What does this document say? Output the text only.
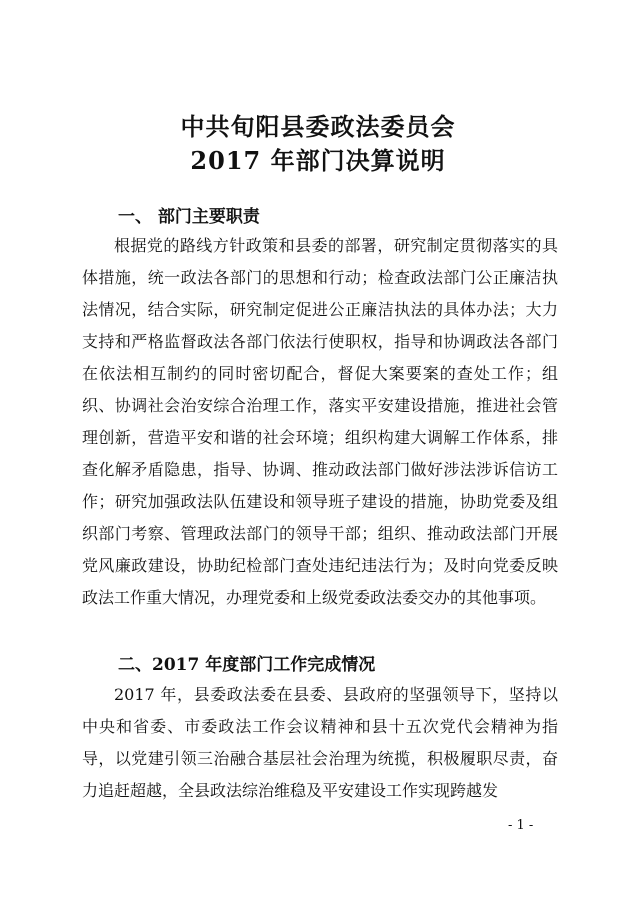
中共旬阳县委政法委员会
2017 年部门决算说明
一、 部门主要职责

根据党的路线方针政策和县委的部署，研究制定贯彻落实的具体措施，统一政法各部门的思想和行动；检查政法部门公正廉洁执法情况，结合实际，研究制定促进公正廉洁执法的具体办法；大力支持和严格监督政法各部门依法行使职权，指导和协调政法各部门在依法相互制约的同时密切配合，督促大案要案的查处工作；组织、协调社会治安综合治理工作，落实平安建设措施，推进社会管理创新，营造平安和谐的社会环境；组织构建大调解工作体系，排查化解矛盾隐患，指导、协调、推动政法部门做好涉法涉诉信访工作；研究加强政法队伍建设和领导班子建设的措施，协助党委及组织部门考察、管理政法部门的领导干部；组织、推动政法部门开展党风廉政建设，协助纪检部门查处违纪违法行为；及时向党委反映政法工作重大情况，办理党委和上级党委政法委交办的其他事项。

二、2017 年度部门工作完成情况

2017 年，县委政法委在县委、县政府的坚强领导下，坚持以中央和省委、市委政法工作会议精神和县十五次党代会精神为指导，以党建引领三治融合基层社会治理为统揽，积极履职尽责，奋力追赶超越，全县政法综治维稳及平安建设工作实现跨越发

- 1 -
